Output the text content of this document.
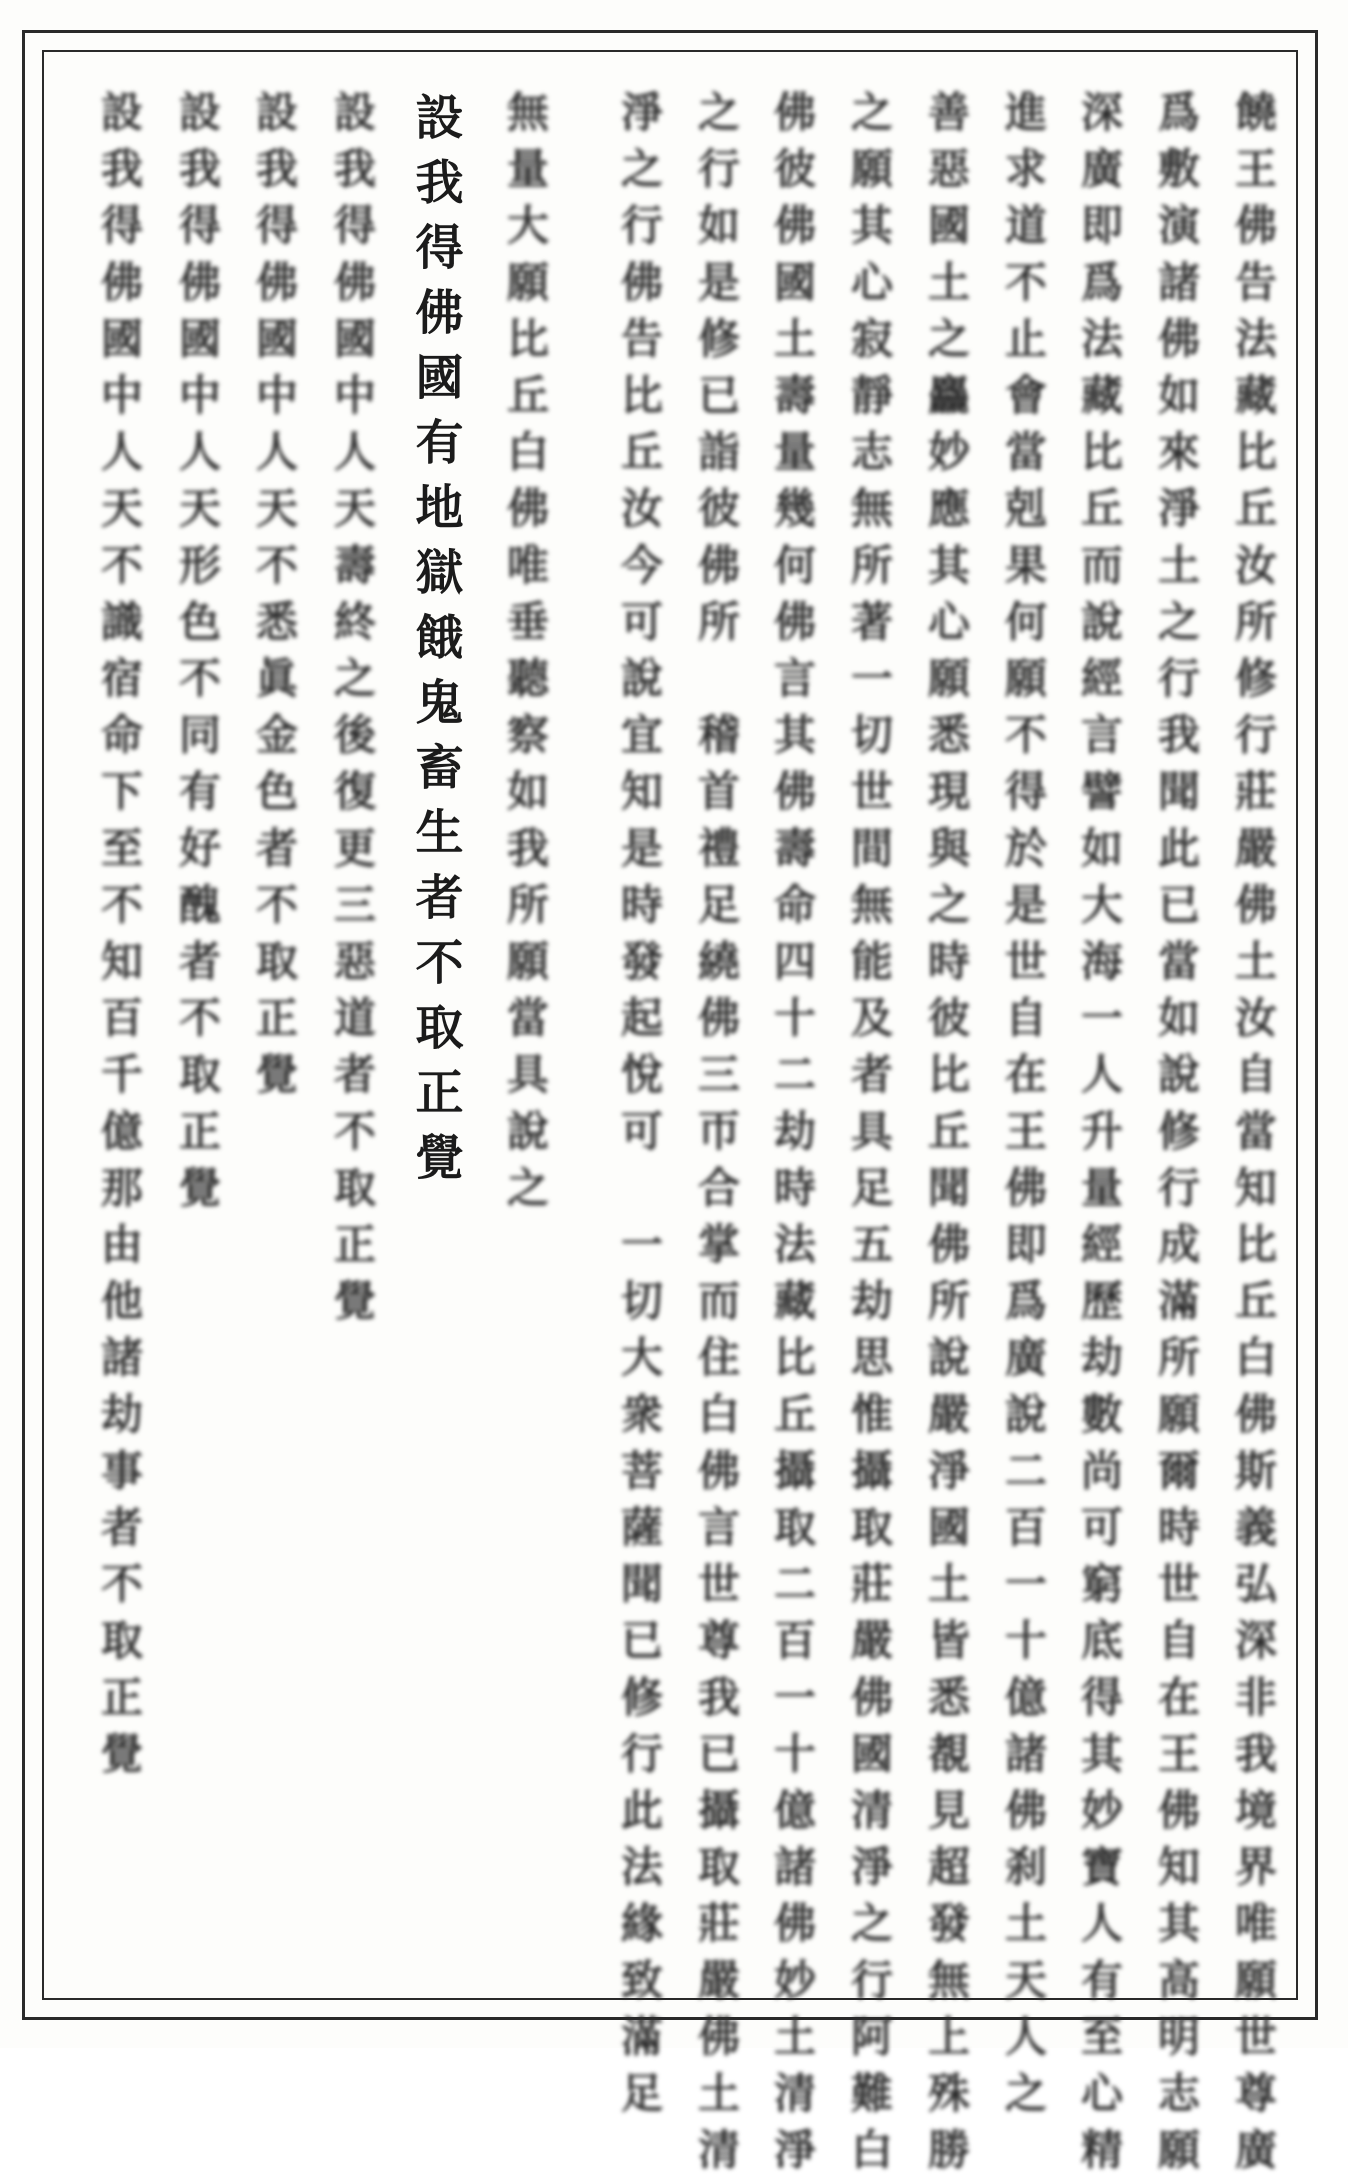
饒王佛告法藏比丘汝所修行莊嚴佛土汝自當知比丘白佛斯義弘深非我境界唯願世尊廣
爲敷演諸佛如來淨土之行我聞此已當如說修行成滿所願爾時世自在王佛知其高明志願
深廣即爲法藏比丘而說經言譬如大海一人升量經歷劫數尚可窮底得其妙寶人有至心精
進求道不止會當剋果何願不得於是世自在王佛即爲廣說二百一十億諸佛刹土天人之
善惡國土之麤妙應其心願悉現與之時彼比丘聞佛所說嚴淨國土皆悉覩見超發無上殊勝
之願其心寂靜志無所著一切世間無能及者具足五劫思惟攝取莊嚴佛國清淨之行阿難白
佛彼佛國土壽量幾何佛言其佛壽命四十二劫時法藏比丘攝取二百一十億諸佛妙土清淨
之行如是修已詣彼佛所　稽首禮足繞佛三帀合掌而住白佛言世尊我已攝取莊嚴佛土清
淨之行佛告比丘汝今可說宜知是時發起悅可　一切大衆菩薩聞已修行此法緣致滿足
無量大願比丘白佛唯垂聽察如我所願當具說之
設我得佛國有地獄餓鬼畜生者不取正覺
設我得佛國中人天壽終之後復更三惡道者不取正覺
設我得佛國中人天不悉眞金色者不取正覺
設我得佛國中人天形色不同有好醜者不取正覺
設我得佛國中人天不識宿命下至不知百千億那由他諸劫事者不取正覺
